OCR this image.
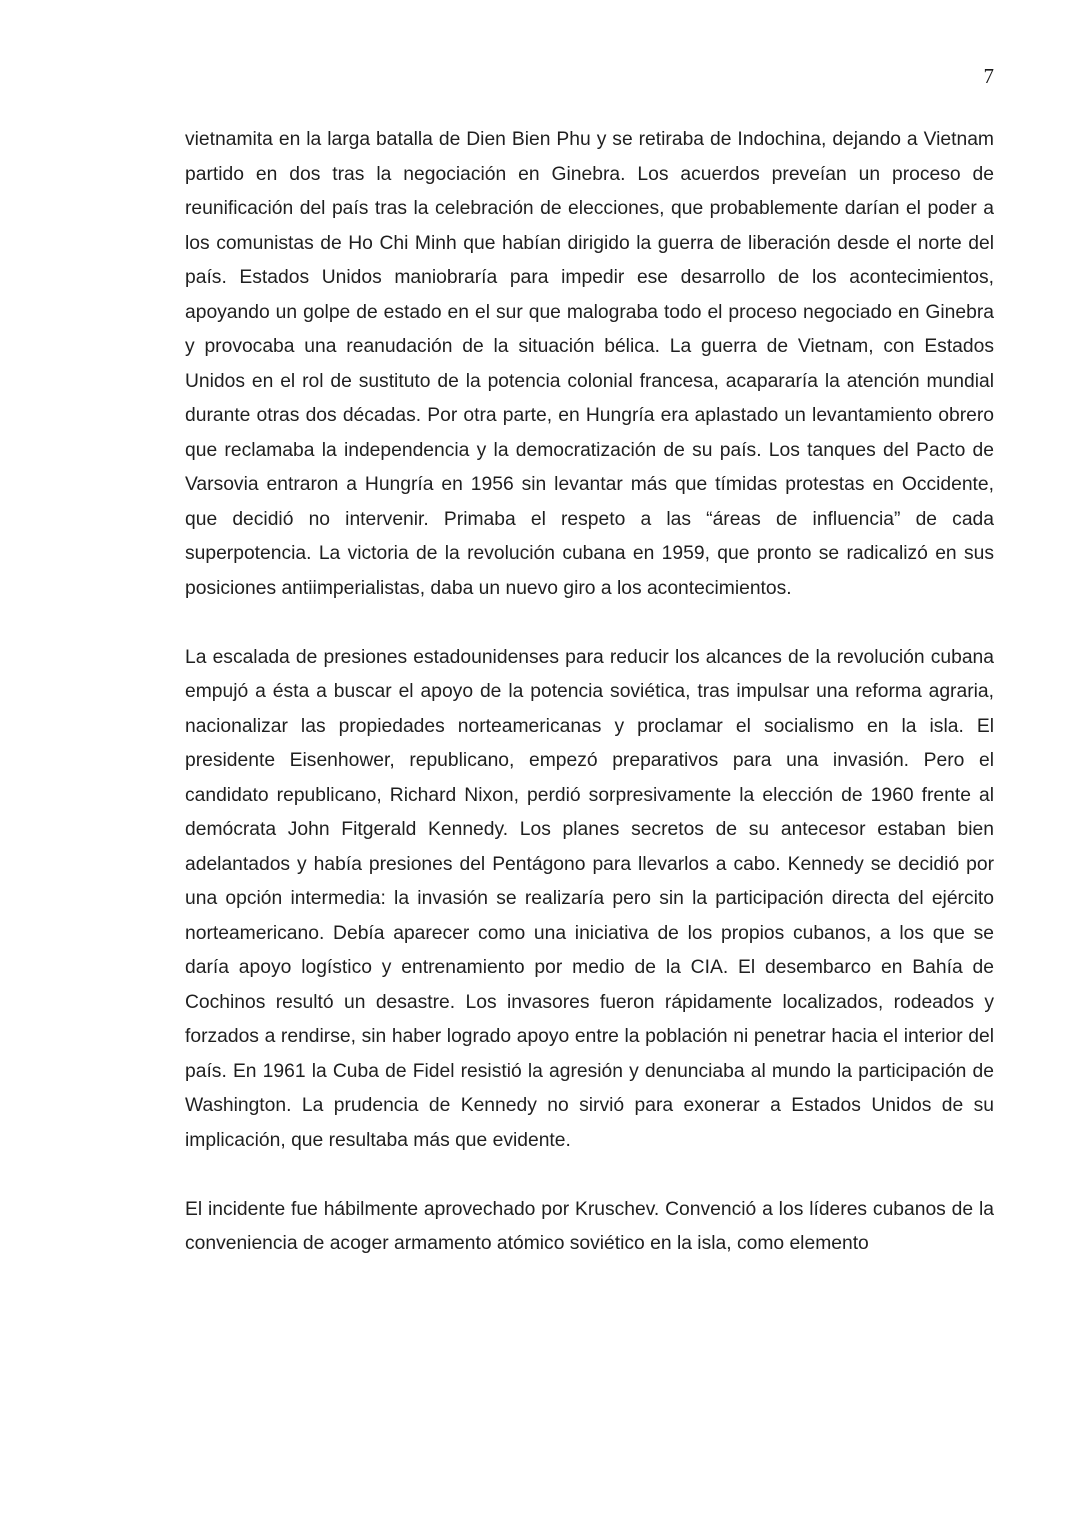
7

vietnamita en la larga batalla de Dien Bien Phu y se retiraba de Indochina, dejando a Vietnam partido en dos tras la negociación en Ginebra. Los acuerdos preveían un proceso de reunificación del país tras la celebración de elecciones, que probablemente darían el poder a los comunistas de Ho Chi Minh que habían dirigido la guerra de liberación desde el norte del país. Estados Unidos maniobraría para impedir ese desarrollo de los acontecimientos, apoyando un golpe de estado en el sur que malograba todo el proceso negociado en Ginebra y provocaba una reanudación de la situación bélica. La guerra de Vietnam, con Estados Unidos en el rol de sustituto de la potencia colonial francesa, acapararía la atención mundial durante otras dos décadas. Por otra parte, en Hungría era aplastado un levantamiento obrero que reclamaba la independencia y la democratización de su país. Los tanques del Pacto de Varsovia entraron a Hungría en 1956 sin levantar más que tímidas protestas en Occidente, que decidió no intervenir. Primaba el respeto a las “áreas de influencia” de cada superpotencia. La victoria de la revolución cubana en 1959, que pronto se radicalizó en sus posiciones antiimperialistas, daba un nuevo giro a los acontecimientos.

La escalada de presiones estadounidenses para reducir los alcances de la revolución cubana empujó a ésta a buscar el apoyo de la potencia soviética, tras impulsar una reforma agraria, nacionalizar las propiedades norteamericanas y proclamar el socialismo en la isla. El presidente Eisenhower, republicano, empezó preparativos para una invasión. Pero el candidato republicano, Richard Nixon, perdió sorpresivamente la elección de 1960 frente al demócrata John Fitgerald Kennedy. Los planes secretos de su antecesor estaban bien adelantados y había presiones del Pentágono para llevarlos a cabo. Kennedy se decidió por una opción intermedia: la invasión se realizaría pero sin la participación directa del ejército norteamericano. Debía aparecer como una iniciativa de los propios cubanos, a los que se daría apoyo logístico y entrenamiento por medio de la CIA. El desembarco en Bahía de Cochinos resultó un desastre. Los invasores fueron rápidamente localizados, rodeados y forzados a rendirse, sin haber logrado apoyo entre la población ni penetrar hacia el interior del país. En 1961 la Cuba de Fidel resistió la agresión y denunciaba al mundo la participación de Washington. La prudencia de Kennedy no sirvió para exonerar a Estados Unidos de su implicación, que resultaba más que evidente.

El incidente fue hábilmente aprovechado por Kruschev. Convenció a los líderes cubanos de la conveniencia de acoger armamento atómico soviético en la isla, como elemento
